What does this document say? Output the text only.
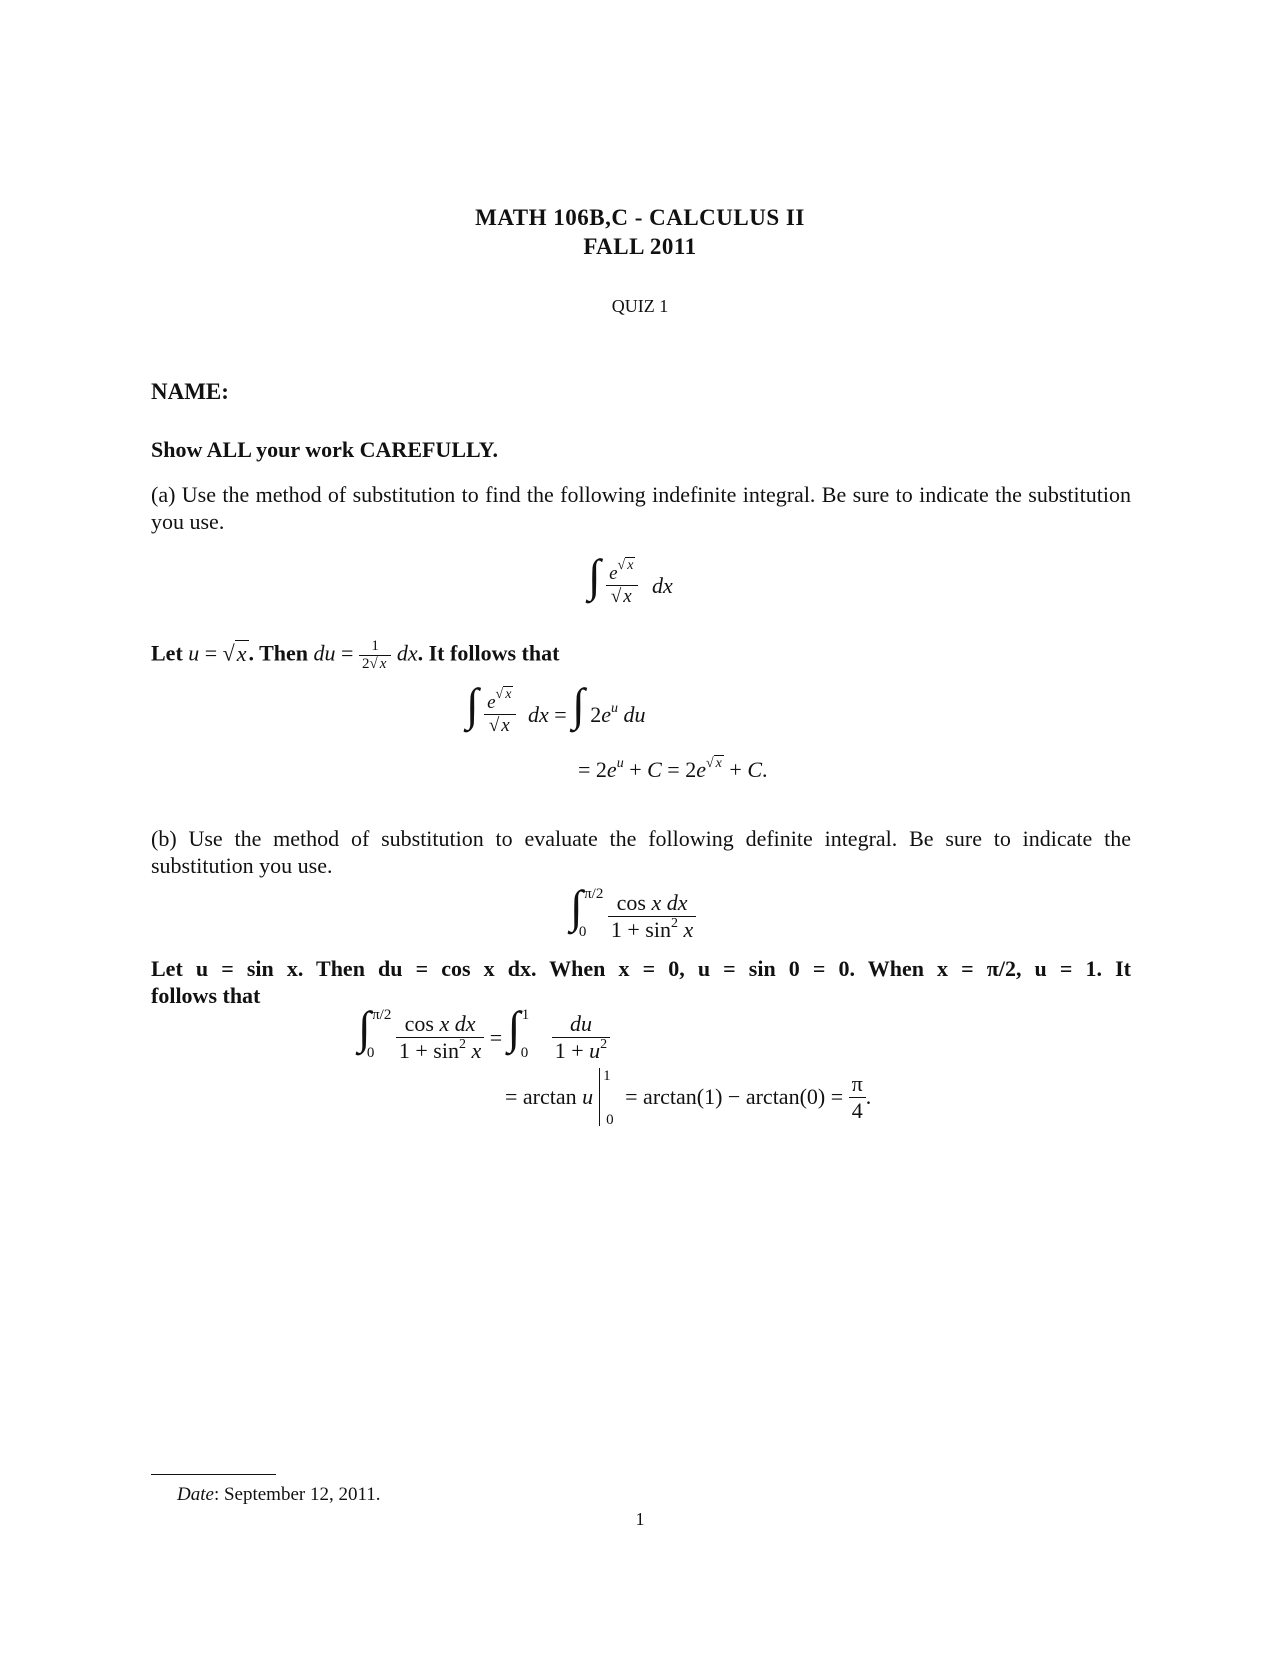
MATH 106B,C - CALCULUS II
FALL 2011
QUIZ 1
NAME:
Show ALL your work CAREFULLY.
(a) Use the method of substitution to find the following indefinite integral. Be sure to indicate the substitution you use.
∫ $\frac{e^{√ x}}{√ x}$ dx
Let u = √x. Then du = $\frac{1}{2√ x}$ dx. It follows that
∫ $\frac{e^{√ x}}{√ x}$ dx = ∫ $2e^u$ du
= $2e^u + C = 2e^{√ x} + C$.
(b) Use the method of substitution to evaluate the following definite integral. Be sure to indicate the substitution you use.
∫ $^{\pi/2}$ $_0 \frac{\text{cos x dx}}{1 + \sin^2 x}$
Let u = sin x. Then du = cos x dx. When x = 0, u = sin 0 = 0. When x = π/2, u = 1. It
follows that
∫ $^{\pi/2}$ $_0 \frac{\text{cos x dx}}{1 + \sin^2 x}$ = ∫ $^1$ $_0 \frac{du}{1 + u^2}$
= arctan u  $^1$ $_0 = \arctan(1) - \arctan(0) = \frac{\pi}{4}$ .
Date: September 12, 2011.
1
